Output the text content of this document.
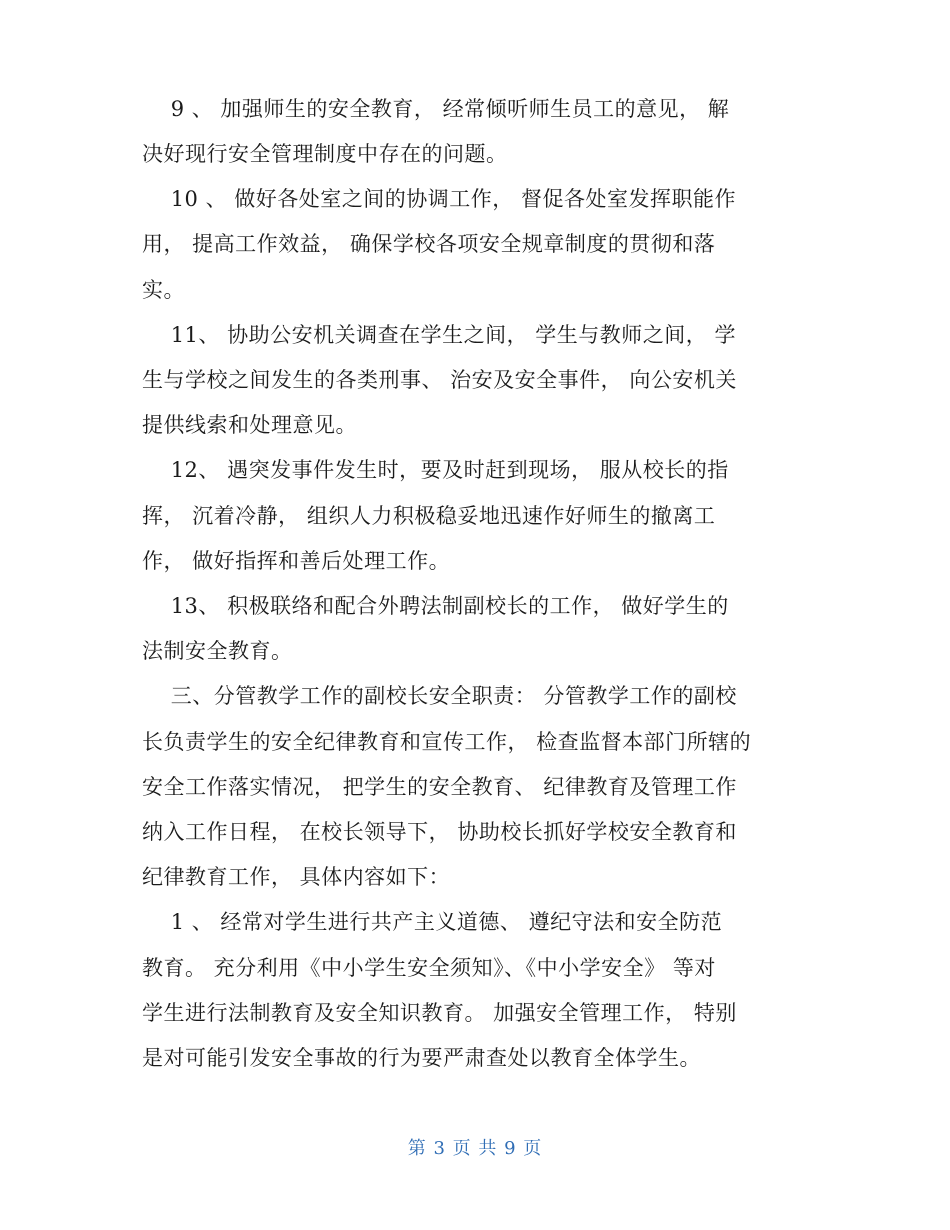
9 、 加强师生的安全教育， 经常倾听师生员工的意见， 解
决好现行安全管理制度中存在的问题。
10 、 做好各处室之间的协调工作， 督促各处室发挥职能作
用， 提高工作效益， 确保学校各项安全规章制度的贯彻和落
实。
11、 协助公安机关调查在学生之间， 学生与教师之间， 学
生与学校之间发生的各类刑事、 治安及安全事件， 向公安机关
提供线索和处理意见。
12、 遇突发事件发生时，要及时赶到现场， 服从校长的指
挥， 沉着冷静， 组织人力积极稳妥地迅速作好师生的撤离工
作， 做好指挥和善后处理工作。
13、 积极联络和配合外聘法制副校长的工作， 做好学生的
法制安全教育。
三、分管教学工作的副校长安全职责： 分管教学工作的副校
长负责学生的安全纪律教育和宣传工作， 检查监督本部门所辖的
安全工作落实情况， 把学生的安全教育、 纪律教育及管理工作
纳入工作日程， 在校长领导下， 协助校长抓好学校安全教育和
纪律教育工作， 具体内容如下：
1 、 经常对学生进行共产主义道德、 遵纪守法和安全防范
教育。 充分利用《中小学生安全须知》、《中小学安全》 等对
学生进行法制教育及安全知识教育。 加强安全管理工作， 特别
是对可能引发安全事故的行为要严肃查处以教育全体学生。
第 3 页 共 9 页
